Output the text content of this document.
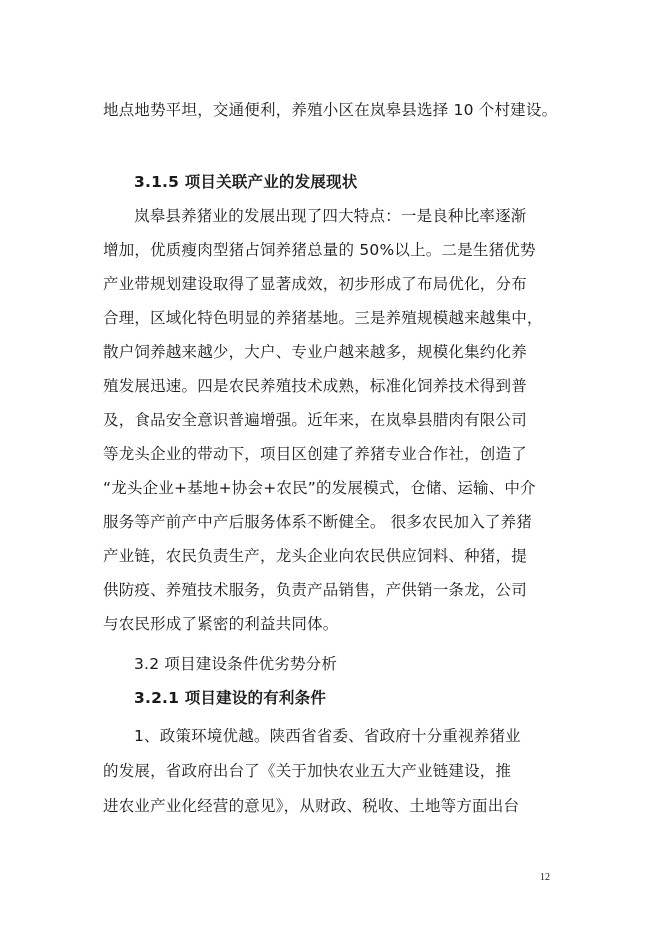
地点地势平坦，交通便利，养殖小区在岚皋县选择 10 个村建设。
3.1.5 项目关联产业的发展现状
岚皋县养猪业的发展出现了四大特点：一是良种比率逐渐
增加，优质瘦肉型猪占饲养猪总量的 50%以上。二是生猪优势
产业带规划建设取得了显著成效，初步形成了布局优化，分布
合理，区域化特色明显的养猪基地。三是养殖规模越来越集中，
散户饲养越来越少，大户、专业户越来越多，规模化集约化养
殖发展迅速。四是农民养殖技术成熟，标准化饲养技术得到普
及，食品安全意识普遍增强。近年来，在岚皋县腊肉有限公司
等龙头企业的带动下，项目区创建了养猪专业合作社，创造了
“龙头企业+基地+协会+农民”的发展模式，仓储、运输、中介
服务等产前产中产后服务体系不断健全。 很多农民加入了养猪
产业链，农民负责生产，龙头企业向农民供应饲料、种猪，提
供防疫、养殖技术服务，负责产品销售，产供销一条龙，公司
与农民形成了紧密的利益共同体。
3.2 项目建设条件优劣势分析
3.2.1 项目建设的有利条件
1、政策环境优越。陕西省省委、省政府十分重视养猪业
的发展，省政府出台了《关于加快农业五大产业链建设，推
进农业产业化经营的意见》，从财政、税收、土地等方面出台
12
